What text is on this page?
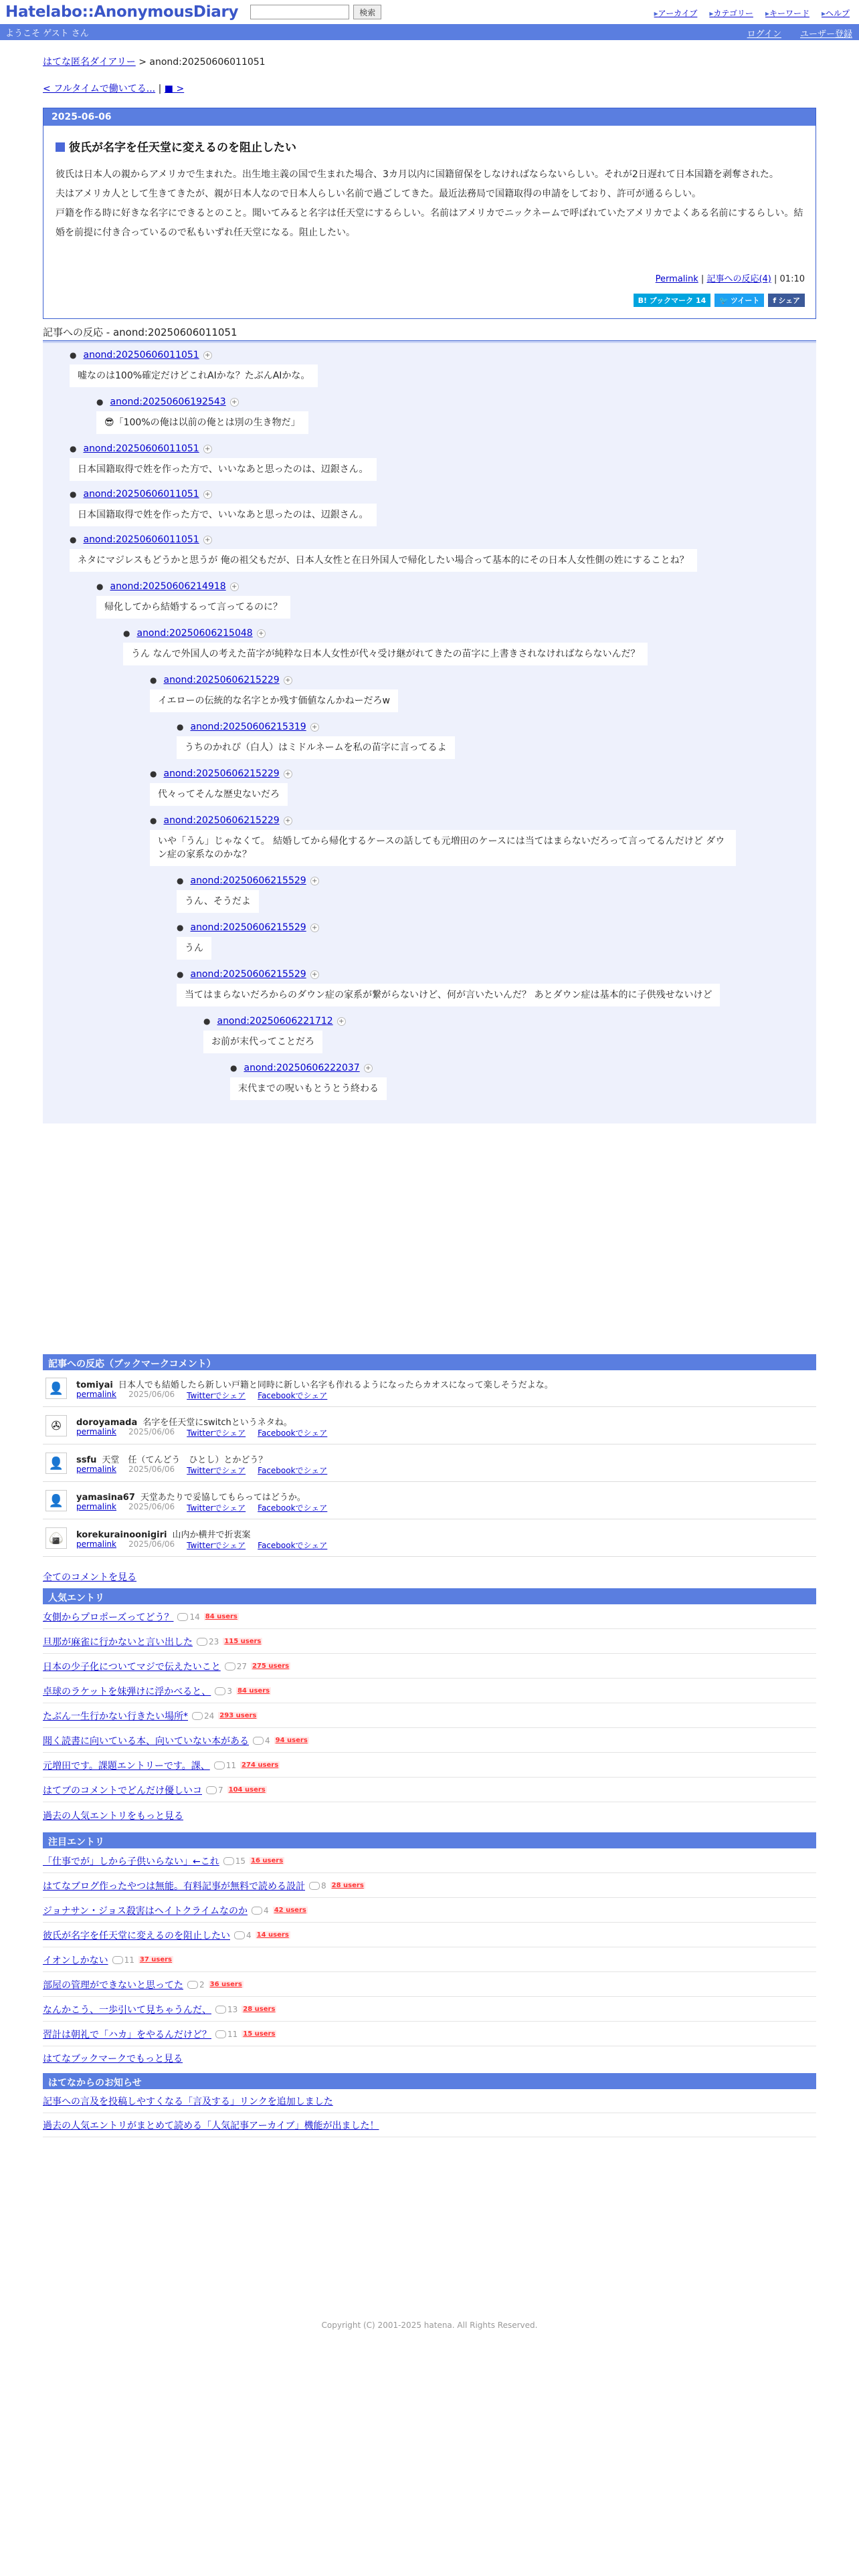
Hatelabo::AnonymousDiary	検索	▸ アーカイブ	▸ カテゴリー	▸ キーワード	▸ ヘルプ
ようこそ ゲスト さん	ログイン ユーザー登録
はてな匿名ダイアリー > anond:20250606011051
< フルタイムで働いてる... | ■ >
2025-06-06
彼氏が名字を任天堂に変えるのを阻止したい

彼氏は日本人の親からアメリカで生まれた。出生地主義の国で生まれた場合、3カ月以内に国籍留保をしなければならないらしい。それが2日遅れて日本国籍を剥奪された。

夫はアメリカ人として生きてきたが、親が日本人なので日本人らしい名前で過ごしてきた。最近法務局で国籍取得の申請をしており、許可が通るらしい。

戸籍を作る時に好きな名字にできるとのこと。聞いてみると名字は任天堂にするらしい。名前はアメリカでニックネームで呼ばれていたアメリカでよくある名前にするらしい。結婚を前提に付き合っているので私もいずれ任天堂になる。阻止したい。

Permalink | 記事への反応(4) | 01:10
B! ブックマーク 14	🐦 ツイート f シェア
記事への反応 - anond:20250606011051
● anond:20250606011051 +
嘘なのは100%確定だけどこれAIかな？たぶんAIかな。
● anond:20250606192543 +
😎「100%の俺は以前の俺とは別の生き物だ」
● anond:20250606011051 +
日本国籍取得で姓を作った方で、いいなあと思ったのは、辺銀さん。
● anond:20250606011051 +
日本国籍取得で姓を作った方で、いいなあと思ったのは、辺銀さん。
● anond:20250606011051 +
ネタにマジレスもどうかと思うが 俺の祖父もだが、日本人女性と在日外国人で帰化したい場合って基本的にその日本人女性側の姓にすることね？
● anond:20250606214918 +
帰化してから結婚するって言ってるのに？
● anond:20250606215048 +
うん なんで外国人の考えた苗字が純粋な日本人女性が代々受け継がれてきたの苗字に上書きされなければならないんだ？
● anond:20250606215229 +
イエローの伝統的な名字とか残す価値なんかねーだろw
● anond:20250606215319 +
うちのかれぴ（白人）はミドルネームを私の苗字に言ってるよ
● anond:20250606215229 +
代々ってそんな歴史ないだろ
● anond:20250606215229 +
いや「うん」じゃなくて。 結婚してから帰化するケースの話しても元増田のケースには当てはまらないだろって言ってるんだけど ダウン症の家系なのかな？
● anond:20250606215529 +
うん、そうだよ
● anond:20250606215529 +
うん
● anond:20250606215529 +
当てはまらないだろからのダウン症の家系が繋がらないけど、何が言いたいんだ？ あとダウン症は基本的に子供残せないけど
● anond:20250606221712 +
お前が末代ってことだろ
● anond:20250606222037 +
末代までの呪いもとうとう終わる
記事への反応（ブックマークコメント）
👤	tomiyai 日本人でも結婚したら新しい戸籍と同時に新しい名字も作れるようになったらカオスになって楽しそうだよな。
permalink 2025/06/06 Twitterでシェア Facebookでシェア
✇	doroyamada 名字を任天堂にswitchというネタね。
permalink 2025/06/06 Twitterでシェア Facebookでシェア
👤	ssfu 天堂　任（てんどう　ひとし）とかどう？
permalink 2025/06/06 Twitterでシェア Facebookでシェア
👤	yamasina67 天堂あたりで妥協してもらってはどうか。
permalink 2025/06/06 Twitterでシェア Facebookでシェア
🍙	korekurainoonigiri 山内か横井で折衷案
permalink 2025/06/06 Twitterでシェア Facebookでシェア
全てのコメントを見る
人気エントリ
女側からプロポーズってどう？	14 84 users
旦那が麻雀に行かないと言い出した	23 115 users
日本の少子化についてマジで伝えたいこと	27 275 users
卓球のラケットを妹弾けに浮かべると、	3 84 users
たぶん一生行かない行きたい場所*	24 293 users
聞く読書に向いている本、向いていない本がある	4 94 users
元増田です。課題エントリーです。課、	11 274 users
はてブのコメントでどんだけ優しいコ	7 104 users
過去の人気エントリをもっと見る
注目エントリ
「仕事でが」しから子供いらない」←これ	15 16 users
はてなブログ作ったやつは無能。有料記事が無料で読める設計	8 28 users
ジョナサン・ジョス殺害はヘイトクライムなのか	4 42 users
彼氏が名字を任天堂に変えるのを阻止したい	4 14 users
イオンしかない	11 37 users
部屋の管理ができないと思ってた	2 36 users
なんかこう、一歩引いて見ちゃうんだ、	13 28 users
習計は朝礼で「ハカ」をやるんだけど？	11 15 users
はてなブックマークでもっと見る
はてなからのお知らせ
記事への言及を投稿しやすくなる「言及する」リンクを追加しました
過去の人気エントリがまとめて読める「人気記事アーカイブ」機能が出ました！
Copyright (C) 2001-2025 hatena. All Rights Reserved.
